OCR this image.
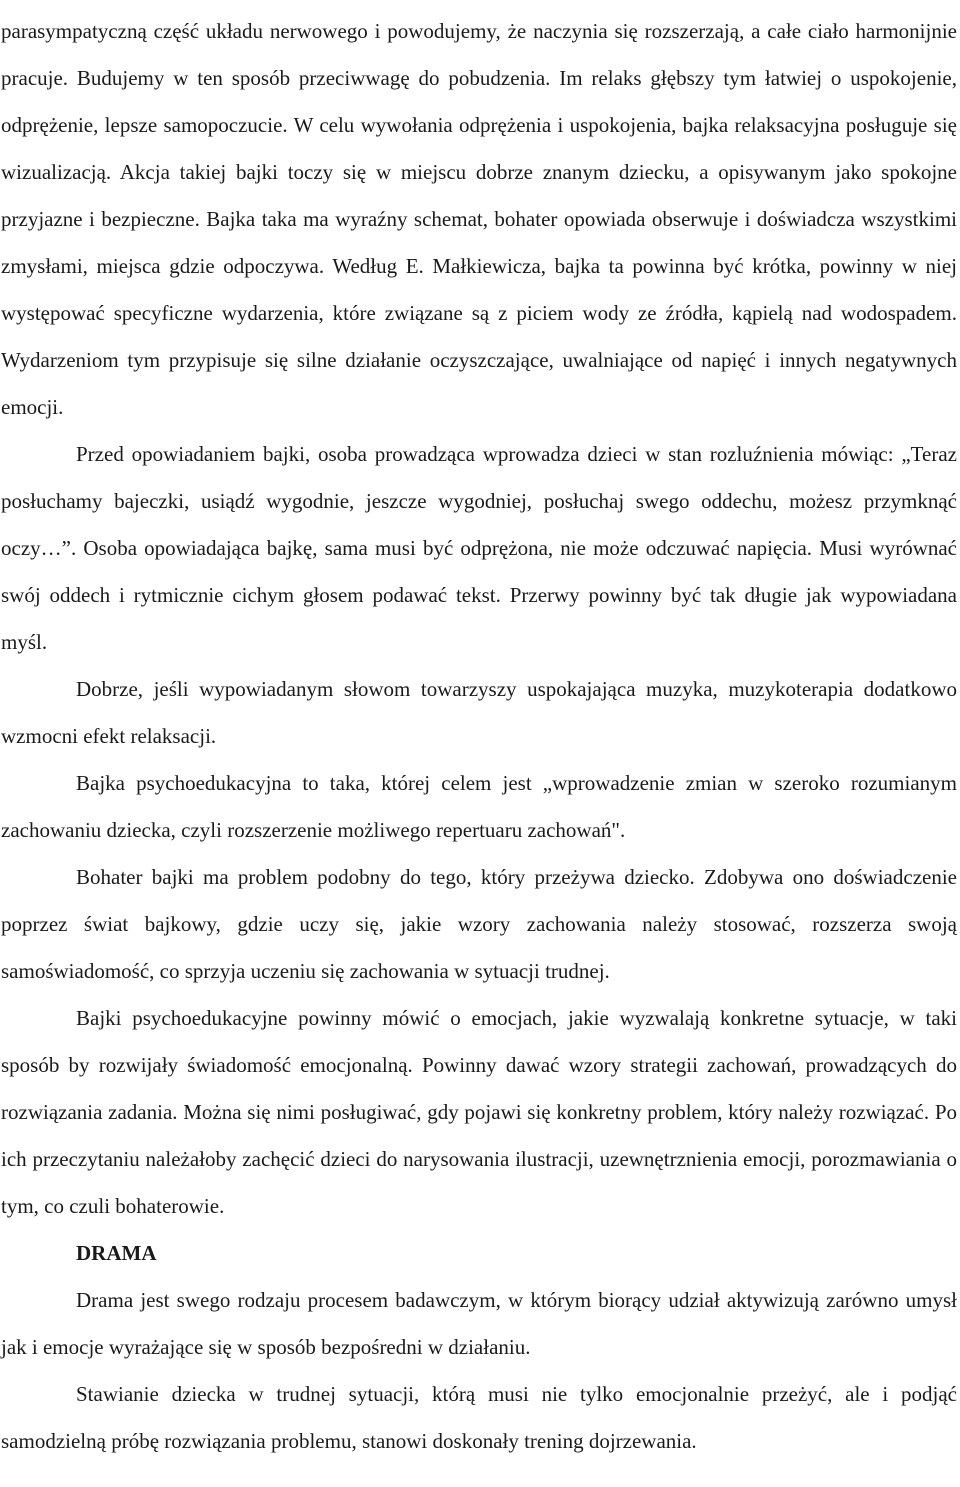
parasympatyczną część układu nerwowego i powodujemy, że naczynia się rozszerzają, a całe ciało harmonijnie pracuje. Budujemy w ten sposób przeciwwagę do pobudzenia. Im relaks głębszy tym łatwiej o uspokojenie, odprężenie, lepsze samopoczucie. W celu wywołania odprężenia i uspokojenia, bajka relaksacyjna posługuje się wizualizacją. Akcja takiej bajki toczy się w miejscu dobrze znanym dziecku, a opisywanym jako spokojne przyjazne i bezpieczne. Bajka taka ma wyraźny schemat, bohater opowiada obserwuje i doświadcza wszystkimi zmysłami, miejsca gdzie odpoczywa. Według E. Małkiewicza, bajka ta powinna być krótka, powinny w niej występować specyficzne wydarzenia, które związane są z piciem wody ze źródła, kąpielą nad wodospadem. Wydarzeniom tym przypisuje się silne działanie oczyszczające, uwalniające od napięć i innych negatywnych emocji.

Przed opowiadaniem bajki, osoba prowadząca wprowadza dzieci w stan rozluźnienia mówiąc: „Teraz posłuchamy bajeczki, usiądź wygodnie, jeszcze wygodniej, posłuchaj swego oddechu, możesz przymknąć oczy…”. Osoba opowiadająca bajkę, sama musi być odprężona, nie może odczuwać napięcia. Musi wyrównać swój oddech i rytmicznie cichym głosem podawać tekst. Przerwy powinny być tak długie jak wypowiadana myśl.

Dobrze, jeśli wypowiadanym słowom towarzyszy uspokajająca muzyka, muzykoterapia dodatkowo wzmocni efekt relaksacji.

Bajka psychoedukacyjna to taka, której celem jest „wprowadzenie zmian w szeroko rozumianym zachowaniu dziecka, czyli rozszerzenie możliwego repertuaru zachowań".

Bohater bajki ma problem podobny do tego, który przeżywa dziecko. Zdobywa ono doświadczenie poprzez świat bajkowy, gdzie uczy się, jakie wzory zachowania należy stosować, rozszerza swoją samoświadomość, co sprzyja uczeniu się zachowania w sytuacji trudnej.

Bajki psychoedukacyjne powinny mówić o emocjach, jakie wyzwalają konkretne sytuacje, w taki sposób by rozwijały świadomość emocjonalną. Powinny dawać wzory strategii zachowań, prowadzących do rozwiązania zadania. Można się nimi posługiwać, gdy pojawi się konkretny problem, który należy rozwiązać. Po ich przeczytaniu należałoby zachęcić dzieci do narysowania ilustracji, uzewnętrznienia emocji, porozmawiania o tym, co czuli bohaterowie.

DRAMA

Drama jest swego rodzaju procesem badawczym, w którym biorący udział aktywizują zarówno umysł jak i emocje wyrażające się w sposób bezpośredni w działaniu.

Stawianie dziecka w trudnej sytuacji, którą musi nie tylko emocjonalnie przeżyć, ale i podjąć samodzielną próbę rozwiązania problemu, stanowi doskonały trening dojrzewania.
